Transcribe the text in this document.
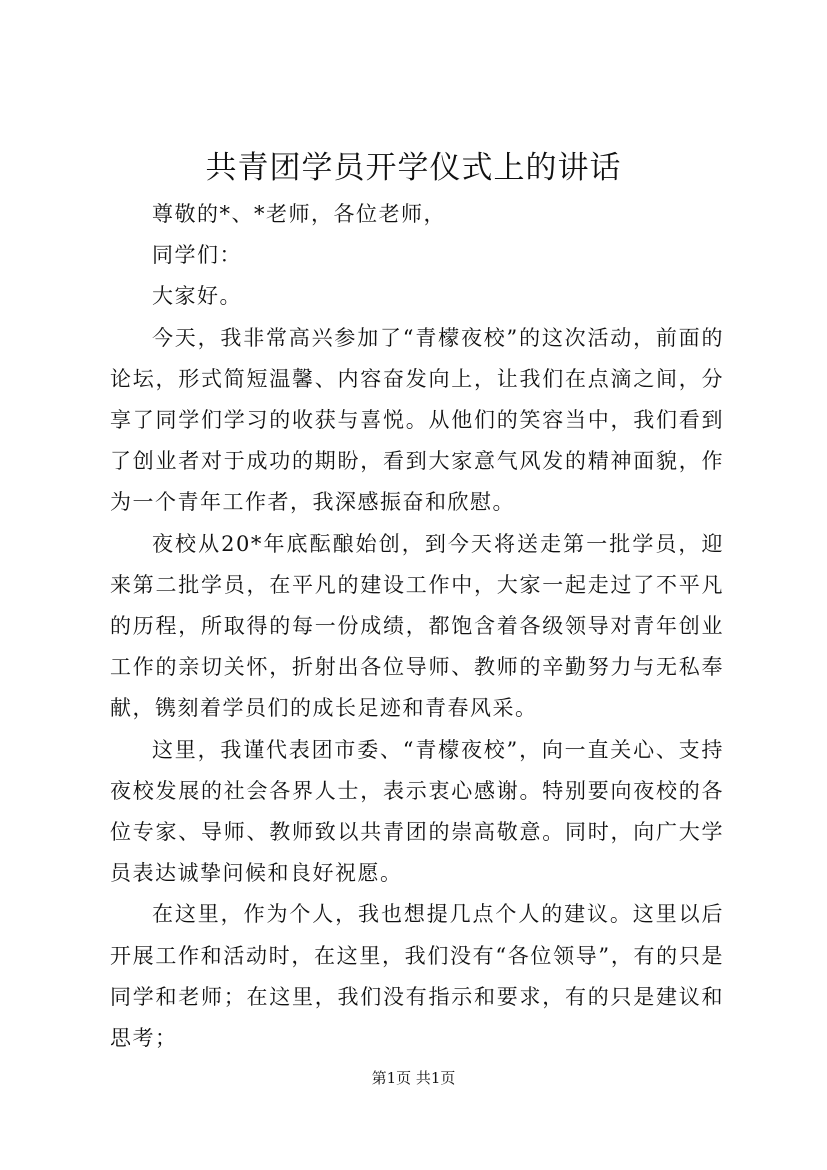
共青团学员开学仪式上的讲话

尊敬的*、*老师，各位老师，

同学们：

大家好。

今天，我非常高兴参加了“青檬夜校”的这次活动，前面的论坛，形式简短温馨、内容奋发向上，让我们在点滴之间，分享了同学们学习的收获与喜悦。从他们的笑容当中，我们看到了创业者对于成功的期盼，看到大家意气风发的精神面貌，作为一个青年工作者，我深感振奋和欣慰。

夜校从20*年底酝酿始创，到今天将送走第一批学员，迎来第二批学员，在平凡的建设工作中，大家一起走过了不平凡的历程，所取得的每一份成绩，都饱含着各级领导对青年创业工作的亲切关怀，折射出各位导师、教师的辛勤努力与无私奉献，镌刻着学员们的成长足迹和青春风采。

这里，我谨代表团市委、“青檬夜校”，向一直关心、支持夜校发展的社会各界人士，表示衷心感谢。特别要向夜校的各位专家、导师、教师致以共青团的崇高敬意。同时，向广大学员表达诚挚问候和良好祝愿。

在这里，作为个人，我也想提几点个人的建议。这里以后开展工作和活动时，在这里，我们没有“各位领导”，有的只是同学和老师；在这里，我们没有指示和要求，有的只是建议和思考；

第1页 共1页
